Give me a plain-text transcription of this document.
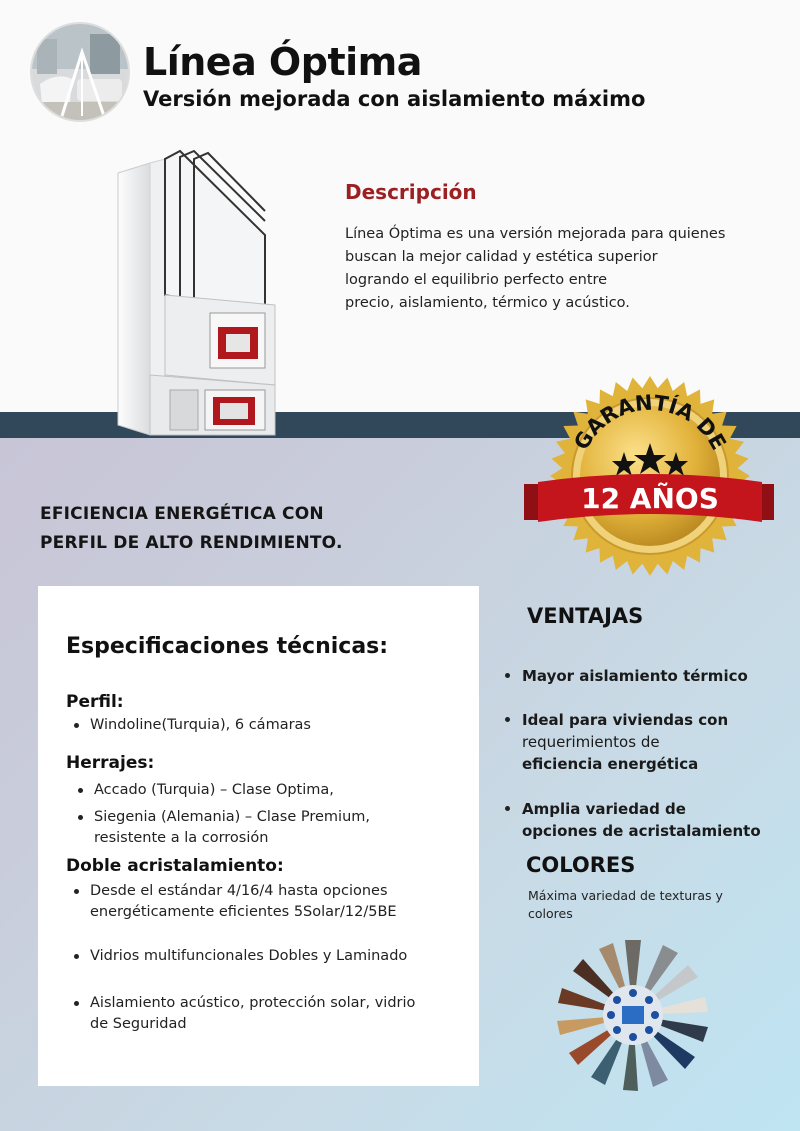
Línea Óptima
Versión mejorada con aislamiento máximo
Descripción
Línea Óptima es una versión mejorada para quienes
buscan la mejor calidad y estética superior
logrando el equilibrio perfecto entre
precio, aislamiento, térmico y acústico.
GARANTÍA DE
12 AÑOS
EFICIENCIA ENERGÉTICA CON
PERFIL DE ALTO RENDIMIENTO.
Especificaciones técnicas:
Perfil:
Windoline(Turquia), 6 cámaras
Herrajes:
Accado (Turquia) – Clase Optima,
Siegenia (Alemania) – Clase Premium,
resistente a la corrosión
Doble acristalamiento:
Desde el estándar 4/16/4 hasta opciones
energéticamente eficientes 5Solar/12/5BE
Vidrios multifuncionales Dobles y Laminado
Aislamiento acústico, protección solar, vidrio
de Seguridad
VENTAJAS
Mayor aislamiento térmico
Ideal para viviendas con
requerimientos de
eficiencia energética
Amplia variedad de
opciones de acristalamiento
COLORES
Máxima variedad de texturas y
colores
